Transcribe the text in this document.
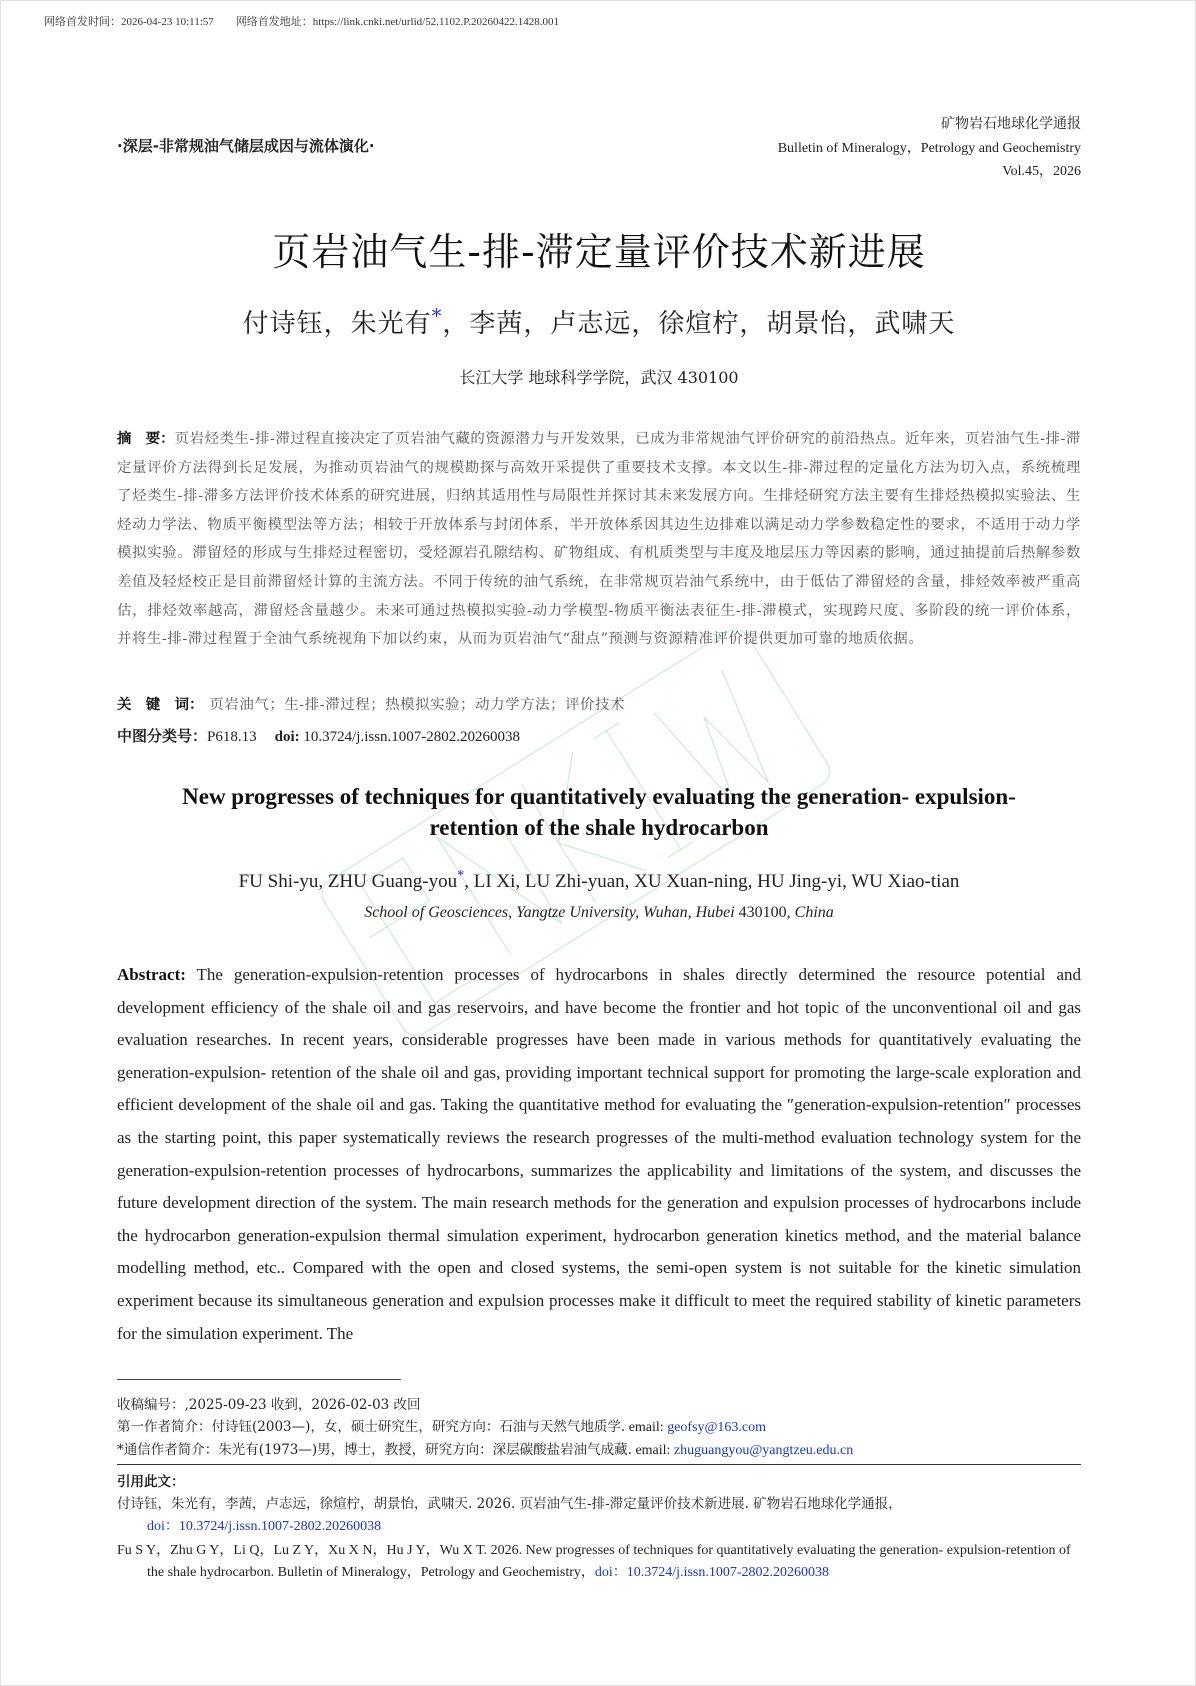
网络首发时间：2026-04-23 10:11:57 网络首发地址：https://link.cnki.net/urlid/52.1102.P.20260422.1428.001
·深层-非常规油气储层成因与流体演化·
矿物岩石地球化学通报
Bulletin of Mineralogy，Petrology and Geochemistry
Vol.45，2026
页岩油气生-排-滞定量评价技术新进展
付诗钰，朱光有*，李茜，卢志远，徐煊柠，胡景怡，武啸天
长江大学 地球科学学院，武汉 430100
摘　要：页岩烃类生-排-滞过程直接决定了页岩油气藏的资源潜力与开发效果，已成为非常规油气评价研究的前沿热点。近年来，页岩油气生-排-滞定量评价方法得到长足发展，为推动页岩油气的规模勘探与高效开采提供了重要技术支撑。本文以生-排-滞过程的定量化方法为切入点，系统梳理了烃类生-排-滞多方法评价技术体系的研究进展，归纳其适用性与局限性并探讨其未来发展方向。生排烃研究方法主要有生排烃热模拟实验法、生烃动力学法、物质平衡模型法等方法；相较于开放体系与封闭体系，半开放体系因其边生边排难以满足动力学参数稳定性的要求，不适用于动力学模拟实验。滞留烃的形成与生排烃过程密切，受烃源岩孔隙结构、矿物组成、有机质类型与丰度及地层压力等因素的影响，通过抽提前后热解参数差值及轻烃校正是目前滞留烃计算的主流方法。不同于传统的油气系统，在非常规页岩油气系统中，由于低估了滞留烃的含量，排烃效率被严重高估，排烃效率越高，滞留烃含量越少。未来可通过热模拟实验-动力学模型-物质平衡法表征生-排-滞模式，实现跨尺度、多阶段的统一评价体系，并将生-排-滞过程置于全油气系统视角下加以约束，从而为页岩油气“甜点”预测与资源精准评价提供更加可靠的地质依据。
关　键　词： 页岩油气；生-排-滞过程；热模拟实验；动力学方法；评价技术
中图分类号：P618.13 doi: 10.3724/j.issn.1007-2802.20260038
New progresses of techniques for quantitatively evaluating the generation- expulsion-retention of the shale hydrocarbon
FU Shi-yu, ZHU Guang-you*, LI Xi, LU Zhi-yuan, XU Xuan-ning, HU Jing-yi, WU Xiao-tian
School of Geosciences, Yangtze University, Wuhan, Hubei 430100, China
Abstract: The generation-expulsion-retention processes of hydrocarbons in shales directly determined the resource potential and development efficiency of the shale oil and gas reservoirs, and have become the frontier and hot topic of the unconventional oil and gas evaluation researches. In recent years, considerable progresses have been made in various methods for quantitatively evaluating the generation-expulsion- retention of the shale oil and gas, providing important technical support for promoting the large-scale exploration and efficient development of the shale oil and gas. Taking the quantitative method for evaluating the ″generation-expulsion-retention″ processes as the starting point, this paper systematically reviews the research progresses of the multi-method evaluation technology system for the generation-expulsion-retention processes of hydrocarbons, summarizes the applicability and limitations of the system, and discusses the future development direction of the system. The main research methods for the generation and expulsion processes of hydrocarbons include the hydrocarbon generation-expulsion thermal simulation experiment, hydrocarbon generation kinetics method, and the material balance modelling method, etc.. Compared with the open and closed systems, the semi-open system is not suitable for the kinetic simulation experiment because its simultaneous generation and expulsion processes make it difficult to meet the required stability of kinetic parameters for the simulation experiment. The
收稿编号：,2025-09-23 收到，2026-02-03 改回
第一作者简介：付诗钰(2003—)，女，硕士研究生，研究方向：石油与天然气地质学. email: geofsy@163.com
*通信作者简介：朱光有(1973—)男，博士，教授，研究方向：深层碳酸盐岩油气成藏. email: zhuguangyou@yangtzeu.edu.cn
引用此文：
付诗钰，朱光有，李茜，卢志远，徐煊柠，胡景怡，武啸天. 2026. 页岩油气生-排-滞定量评价技术新进展. 矿物岩石地球化学通报，
doi：10.3724/j.issn.1007-2802.20260038
Fu S Y，Zhu G Y，Li Q，Lu Z Y，Xu X N，Hu J Y，Wu X T. 2026. New progresses of techniques for quantitatively evaluating the generation- expulsion-retention of the shale hydrocarbon. Bulletin of Mineralogy，Petrology and Geochemistry，doi：10.3724/j.issn.1007-2802.20260038
